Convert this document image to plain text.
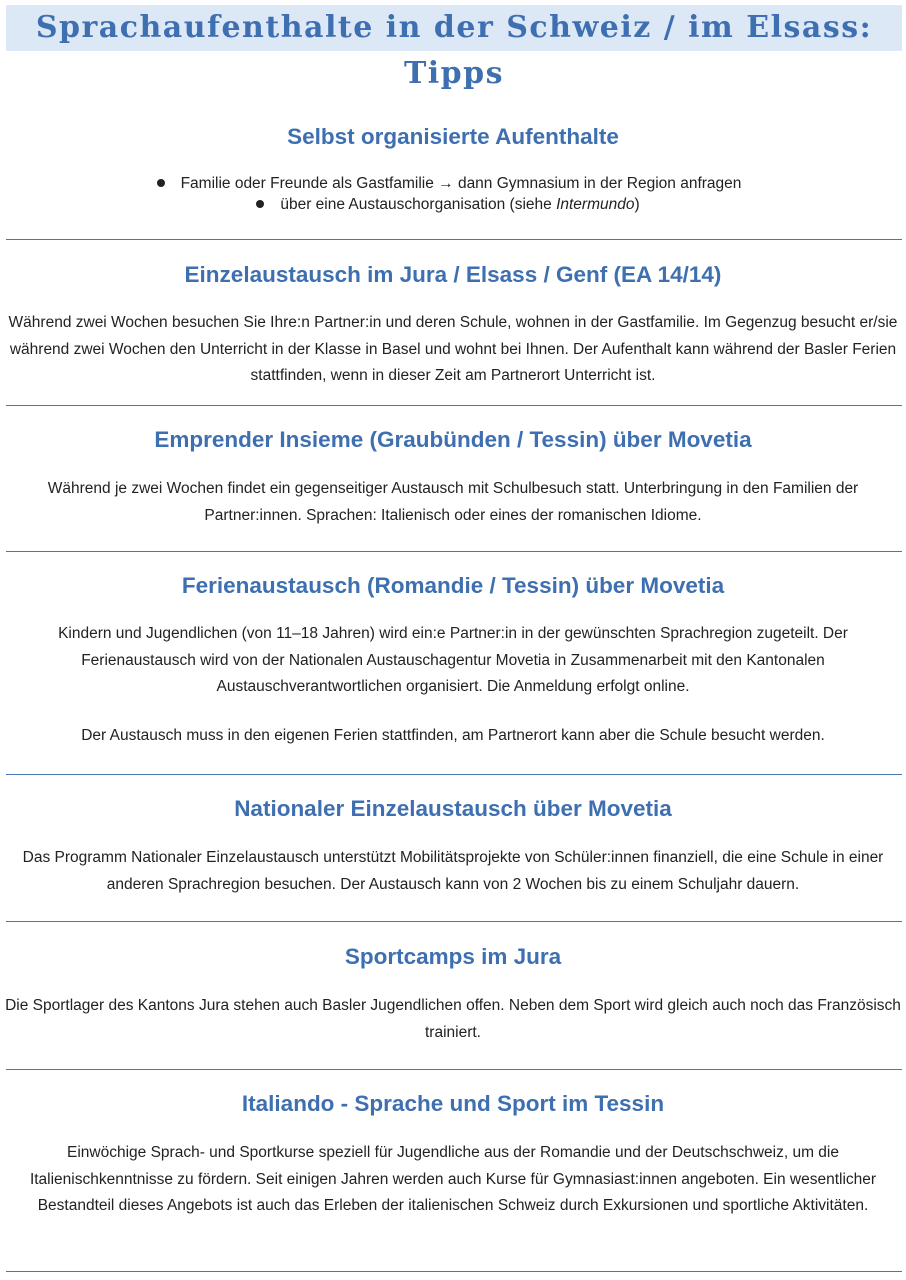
Sprachaufenthalte in der Schweiz / im Elsass: Tipps
Selbst organisierte Aufenthalte
Familie oder Freunde als Gastfamilie → dann Gymnasium in der Region anfragen
über eine Austauschorganisation (siehe Intermundo)
Einzelaustausch im Jura / Elsass / Genf (EA 14/14)

Während zwei Wochen besuchen Sie Ihre:n Partner:in und deren Schule, wohnen in der Gastfamilie. Im Gegenzug besucht er/sie während zwei Wochen den Unterricht in der Klasse in Basel und wohnt bei Ihnen. Der Aufenthalt kann während der Basler Ferien stattfinden, wenn in dieser Zeit am Partnerort Unterricht ist.

Emprender Insieme (Graubünden / Tessin) über Movetia

Während je zwei Wochen findet ein gegenseitiger Austausch mit Schulbesuch statt. Unterbringung in den Familien der Partner:innen. Sprachen: Italienisch oder eines der romanischen Idiome.

Ferienaustausch (Romandie / Tessin) über Movetia

Kindern und Jugendlichen (von 11–18 Jahren) wird ein:e Partner:in in der gewünschten Sprachregion zugeteilt. Der Ferienaustausch wird von der Nationalen Austauschagentur Movetia in Zusammenarbeit mit den Kantonalen Austauschverantwortlichen organisiert. Die Anmeldung erfolgt online.

Der Austausch muss in den eigenen Ferien stattfinden, am Partnerort kann aber die Schule besucht werden.

Nationaler Einzelaustausch über Movetia

Das Programm Nationaler Einzelaustausch unterstützt Mobilitätsprojekte von Schüler:innen finanziell, die eine Schule in einer anderen Sprachregion besuchen. Der Austausch kann von 2 Wochen bis zu einem Schuljahr dauern.

Sportcamps im Jura

Die Sportlager des Kantons Jura stehen auch Basler Jugendlichen offen. Neben dem Sport wird gleich auch noch das Französisch trainiert.

Italiando - Sprache und Sport im Tessin

Einwöchige Sprach- und Sportkurse speziell für Jugendliche aus der Romandie und der Deutschschweiz, um die Italienischkenntnisse zu fördern. Seit einigen Jahren werden auch Kurse für Gymnasiast:innen angeboten. Ein wesentlicher Bestandteil dieses Angebots ist auch das Erleben der italienischen Schweiz durch Exkursionen und sportliche Aktivitäten.
